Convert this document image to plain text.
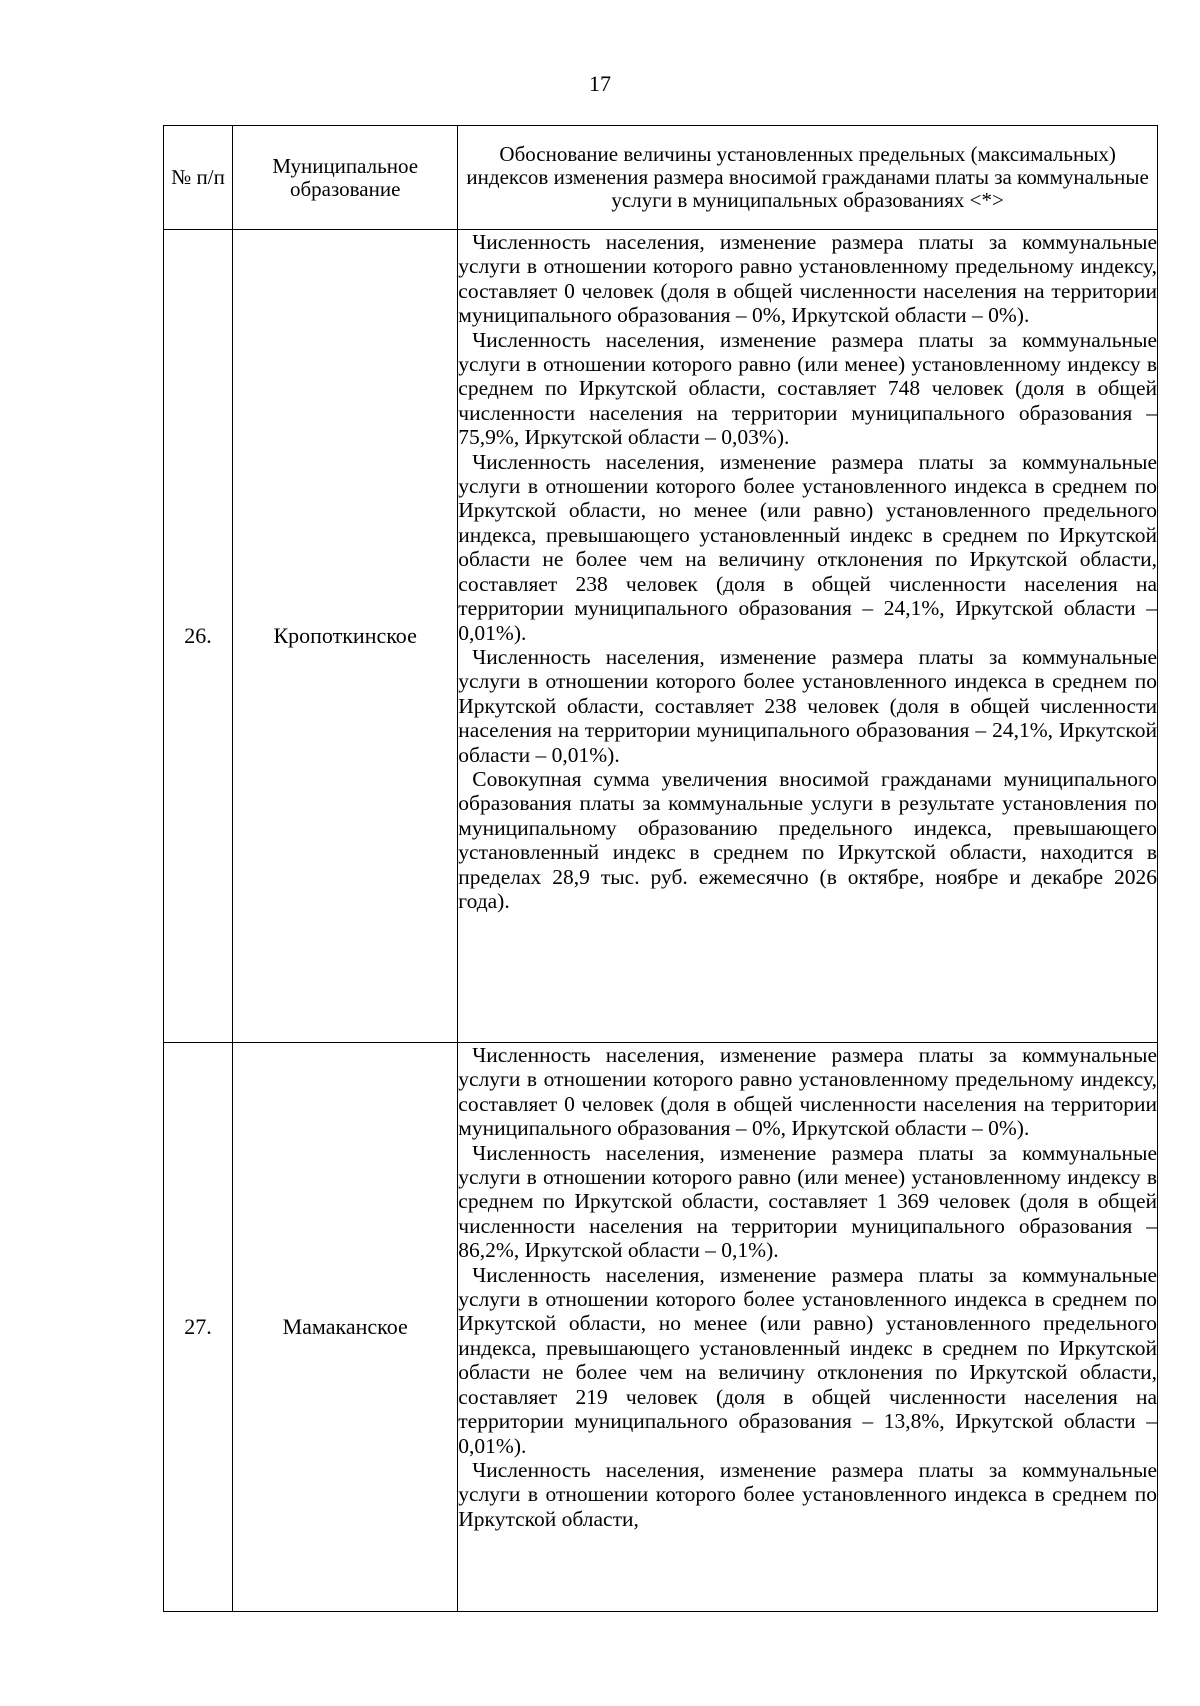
17
№ п/п	Муниципальное образование	Обоснование величины установленных предельных (максимальных) индексов изменения размера вносимой гражданами платы за коммунальные услуги в муниципальных образованиях <*>
26.	Кропоткинское	Численность населения, изменение размера платы за коммунальные услуги в отношении которого равно установленному предельному индексу, составляет 0 человек (доля в общей численности населения на территории муниципального образования – 0%, Иркутской области – 0%).

Численность населения, изменение размера платы за коммунальные услуги в отношении которого равно (или менее) установленному индексу в среднем по Иркутской области, составляет 748 человек (доля в общей численности населения на территории муниципального образования – 75,9%, Иркутской области – 0,03%).

Численность населения, изменение размера платы за коммунальные услуги в отношении которого более установленного индекса в среднем по Иркутской области, но менее (или равно) установленного предельного индекса, превышающего установленный индекс в среднем по Иркутской области не более чем на величину отклонения по Иркутской области, составляет 238 человек (доля в общей численности населения на территории муниципального образования – 24,1%, Иркутской области – 0,01%).

Численность населения, изменение размера платы за коммунальные услуги в отношении которого более установленного индекса в среднем по Иркутской области, составляет 238 человек (доля в общей численности населения на территории муниципального образования – 24,1%, Иркутской области – 0,01%).

Совокупная сумма увеличения вносимой гражданами муниципального образования платы за коммунальные услуги в результате установления по муниципальному образованию предельного индекса, превышающего установленный индекс в среднем по Иркутской области, находится в пределах 28,9 тыс. руб. ежемесячно (в октябре, ноябре и декабре 2026 года).

27.	Мамаканское	Численность населения, изменение размера платы за коммунальные услуги в отношении которого равно установленному предельному индексу, составляет 0 человек (доля в общей численности населения на территории муниципального образования – 0%, Иркутской области – 0%).

Численность населения, изменение размера платы за коммунальные услуги в отношении которого равно (или менее) установленному индексу в среднем по Иркутской области, составляет 1 369 человек (доля в общей численности населения на территории муниципального образования – 86,2%, Иркутской области – 0,1%).

Численность населения, изменение размера платы за коммунальные услуги в отношении которого более установленного индекса в среднем по Иркутской области, но менее (или равно) установленного предельного индекса, превышающего установленный индекс в среднем по Иркутской области не более чем на величину отклонения по Иркутской области, составляет 219 человек (доля в общей численности населения на территории муниципального образования – 13,8%, Иркутской области – 0,01%).

Численность населения, изменение размера платы за коммунальные услуги в отношении которого более установленного индекса в среднем по Иркутской области,
